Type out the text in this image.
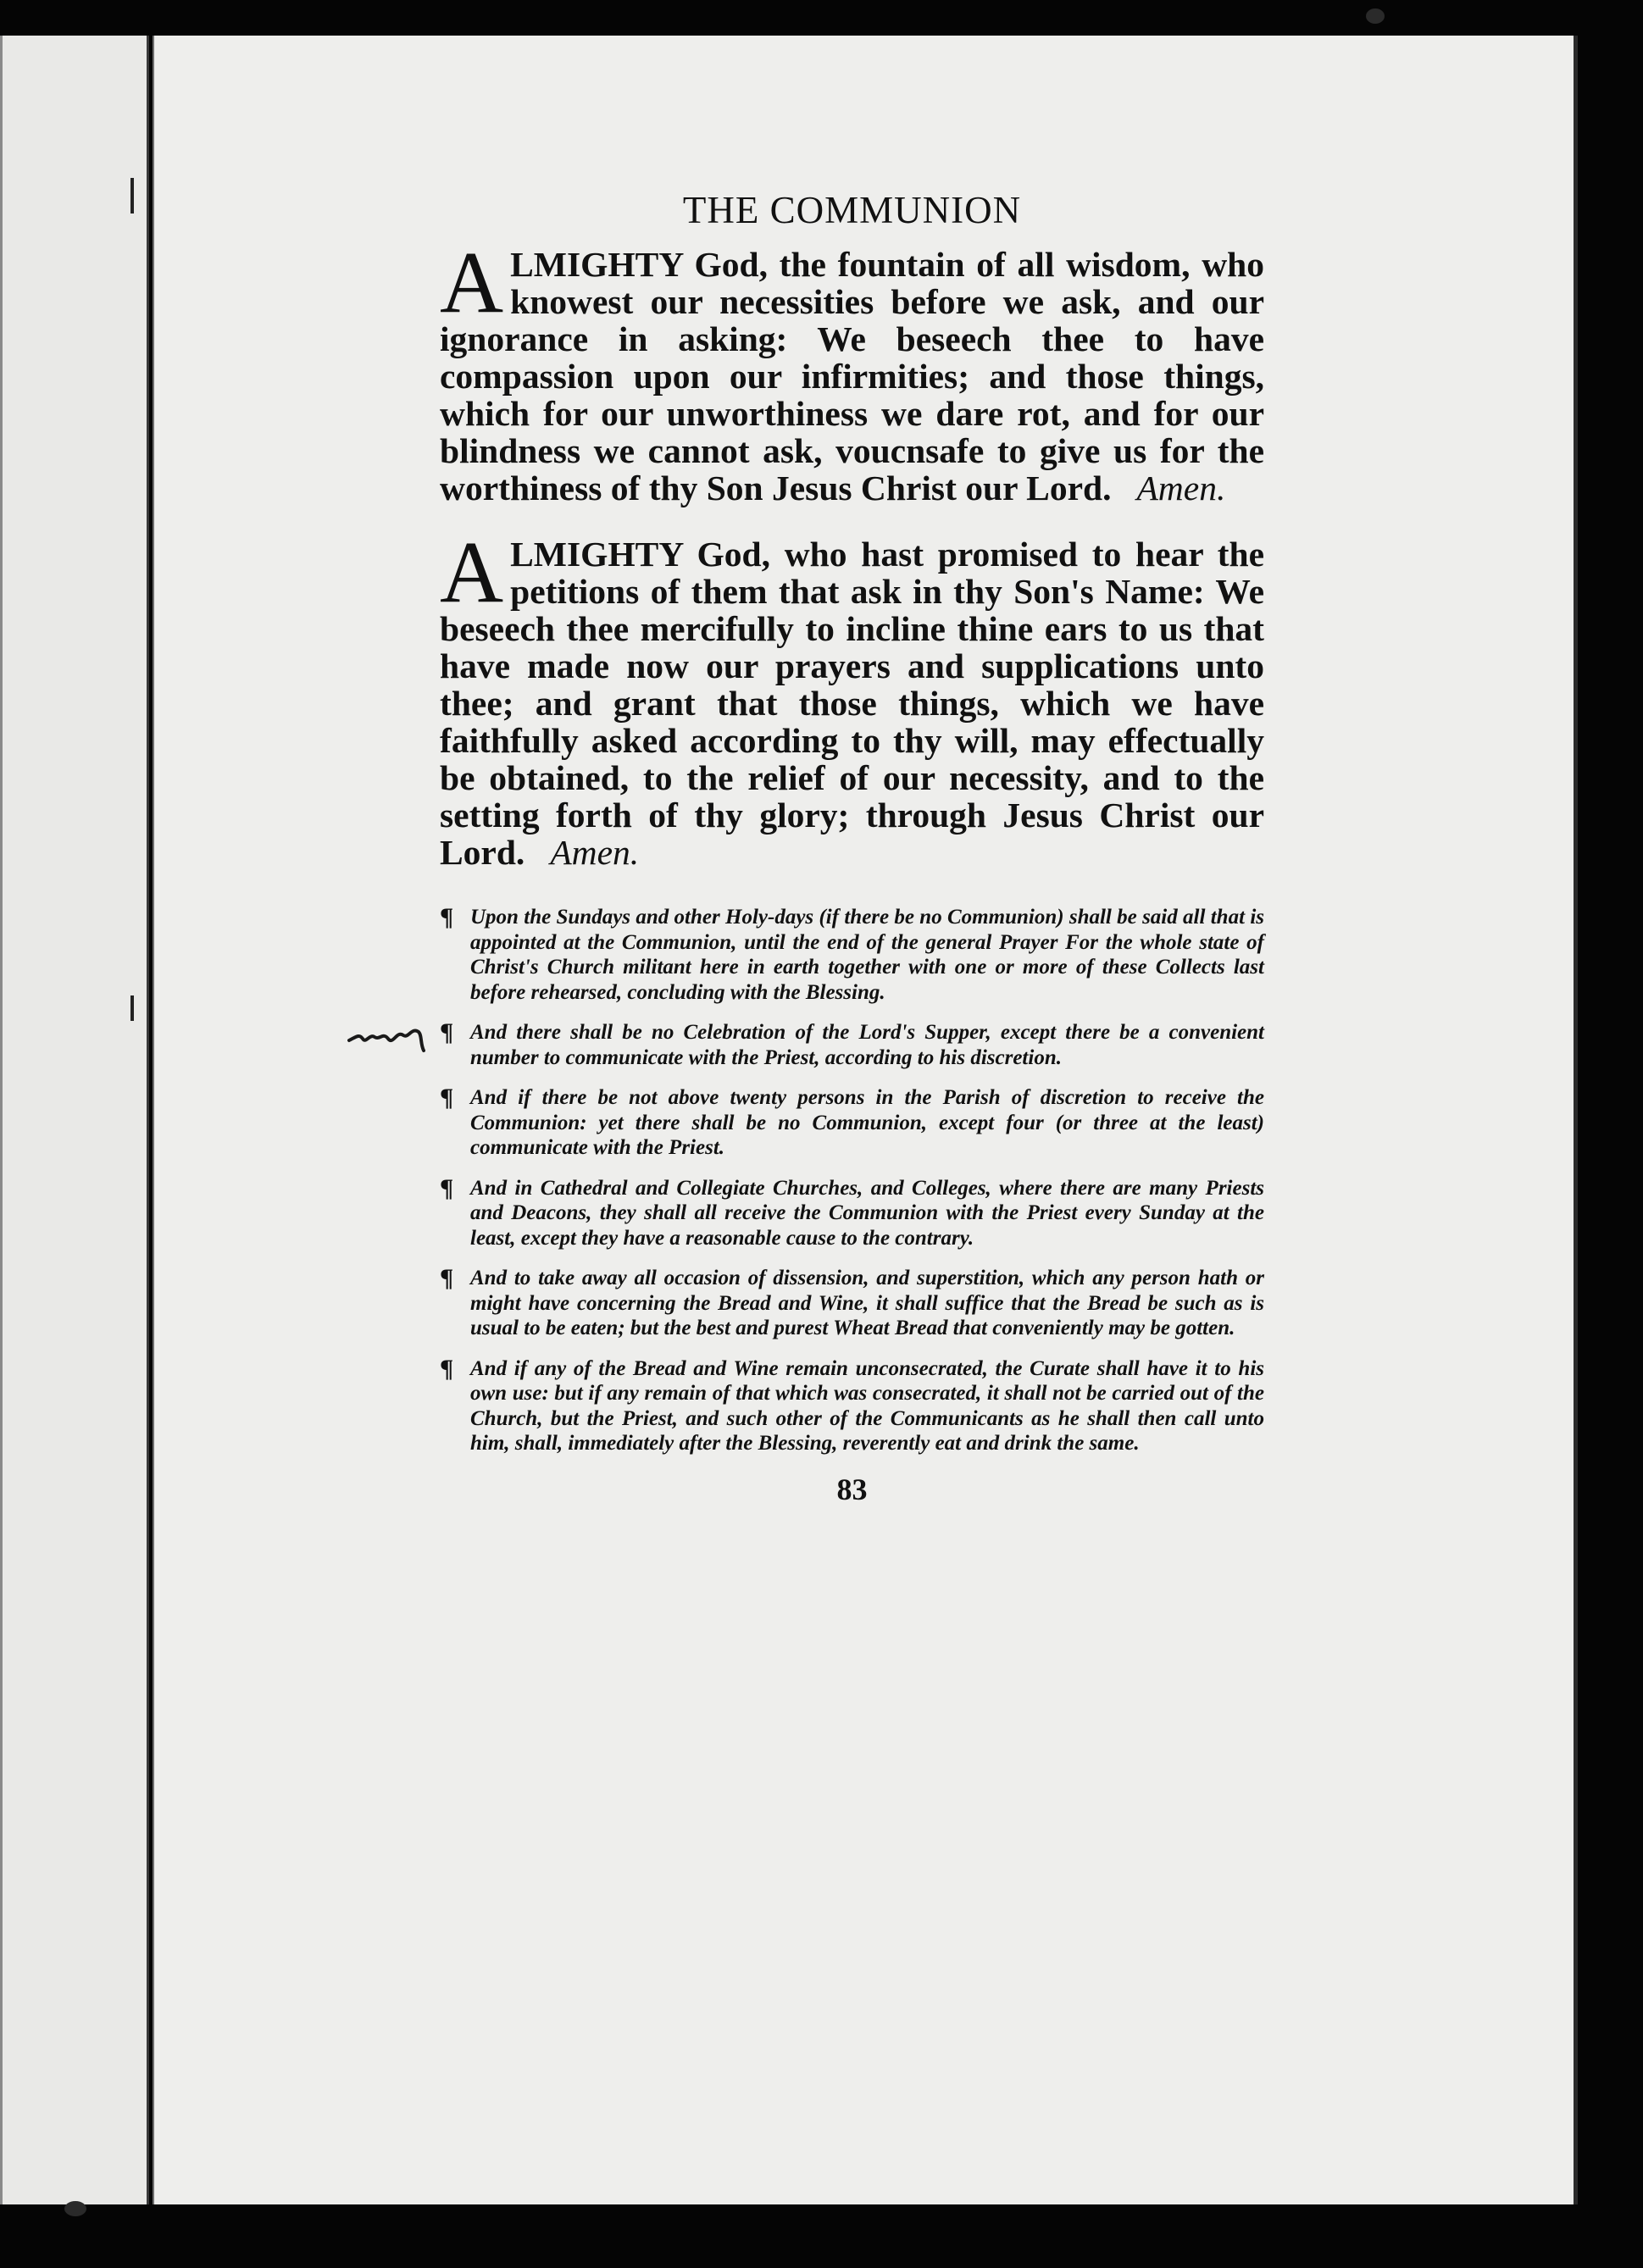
THE COMMUNION
ALMIGHTY God, the fountain of all wisdom, who knowest our necessities before we ask, and our ignorance in asking: We beseech thee to have compassion upon our infirmities; and those things, which for our unworthiness we dare rot, and for our blindness we cannot ask, voucnsafe to give us for the worthiness of thy Son Jesus Christ our Lord. Amen.
ALMIGHTY God, who hast promised to hear the petitions of them that ask in thy Son's Name: We beseech thee mercifully to incline thine ears to us that have made now our prayers and supplications unto thee; and grant that those things, which we have faithfully asked according to thy will, may effectually be obtained, to the relief of our necessity, and to the setting forth of thy glory; through Jesus Christ our Lord. Amen.
¶ Upon the Sundays and other Holy-days (if there be no Communion) shall be said all that is appointed at the Communion, until the end of the general Prayer For the whole state of Christ's Church militant here in earth together with one or more of these Collects last before rehearsed, concluding with the Blessing.
¶ And there shall be no Celebration of the Lord's Supper, except there be a convenient number to communicate with the Priest, according to his discretion.
¶ And if there be not above twenty persons in the Parish of discretion to receive the Communion: yet there shall be no Communion, except four (or three at the least) communicate with the Priest.
¶ And in Cathedral and Collegiate Churches, and Colleges, where there are many Priests and Deacons, they shall all receive the Communion with the Priest every Sunday at the least, except they have a reasonable cause to the contrary.
¶ And to take away all occasion of dissension, and superstition, which any person hath or might have concerning the Bread and Wine, it shall suffice that the Bread be such as is usual to be eaten; but the best and purest Wheat Bread that conveniently may be gotten.
¶ And if any of the Bread and Wine remain unconsecrated, the Curate shall have it to his own use: but if any remain of that which was consecrated, it shall not be carried out of the Church, but the Priest, and such other of the Communicants as he shall then call unto him, shall, immediately after the Blessing, reverently eat and drink the same.
83
